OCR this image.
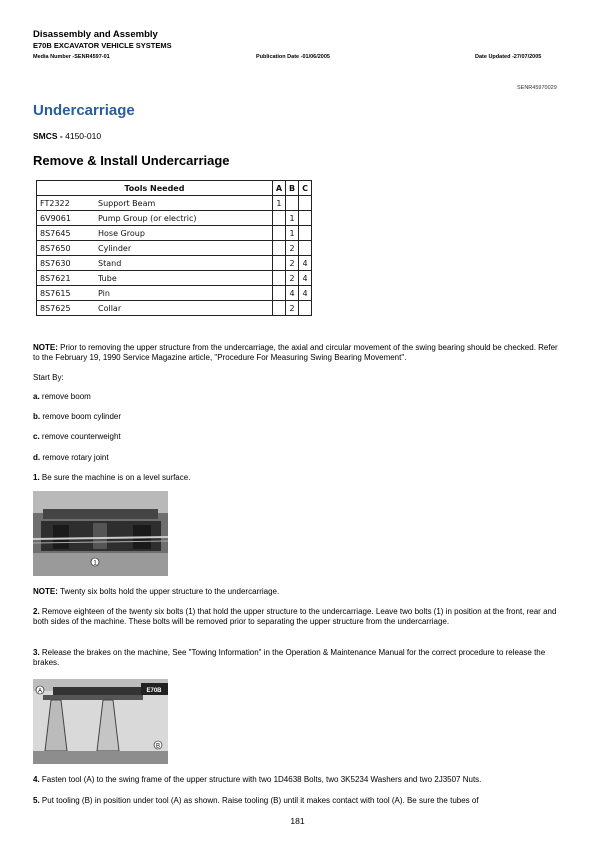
Disassembly and Assembly
E70B EXCAVATOR VEHICLE SYSTEMS
Media Number -SENR4597-01	Publication Date -01/06/2005	Date Updated -27/07/2005
SENR45970029
Undercarriage
SMCS - 4150-010
Remove & Install Undercarriage
Tools Needed		A	B	C
FT2322	Support Beam	1		
6V9061	Pump Group (or electric)		1	
8S7645	Hose Group		1	
8S7650	Cylinder		2	
8S7630	Stand		2	4
8S7621	Tube		2	4
8S7615	Pin		4	4
8S7625	Collar		2	
NOTE: Prior to removing the upper structure from the undercarriage, the axial and circular movement of the swing bearing should be checked. Refer to the February 19, 1990 Service Magazine article, "Procedure For Measuring Swing Bearing Movement".
Start By:
a. remove boom
b. remove boom cylinder
c. remove counterweight
d. remove rotary joint
1. Be sure the machine is on a level surface.
1
NOTE: Twenty six bolts hold the upper structure to the undercarriage.
2. Remove eighteen of the twenty six bolts (1) that hold the upper structure to the undercarriage. Leave two bolts (1) in position at the front, rear and both sides of the machine. These bolts will be removed prior to separating the upper structure from the undercarriage.
3. Release the brakes on the machine, See "Towing Information" in the Operation & Maintenance Manual for the correct procedure to release the brakes.
E70B
A
B
4. Fasten tool (A) to the swing frame of the upper structure with two 1D4638 Bolts, two 3K5234 Washers and two 2J3507 Nuts.
5. Put tooling (B) in position under tool (A) as shown. Raise tooling (B) until it makes contact with tool (A). Be sure the tubes of
181
